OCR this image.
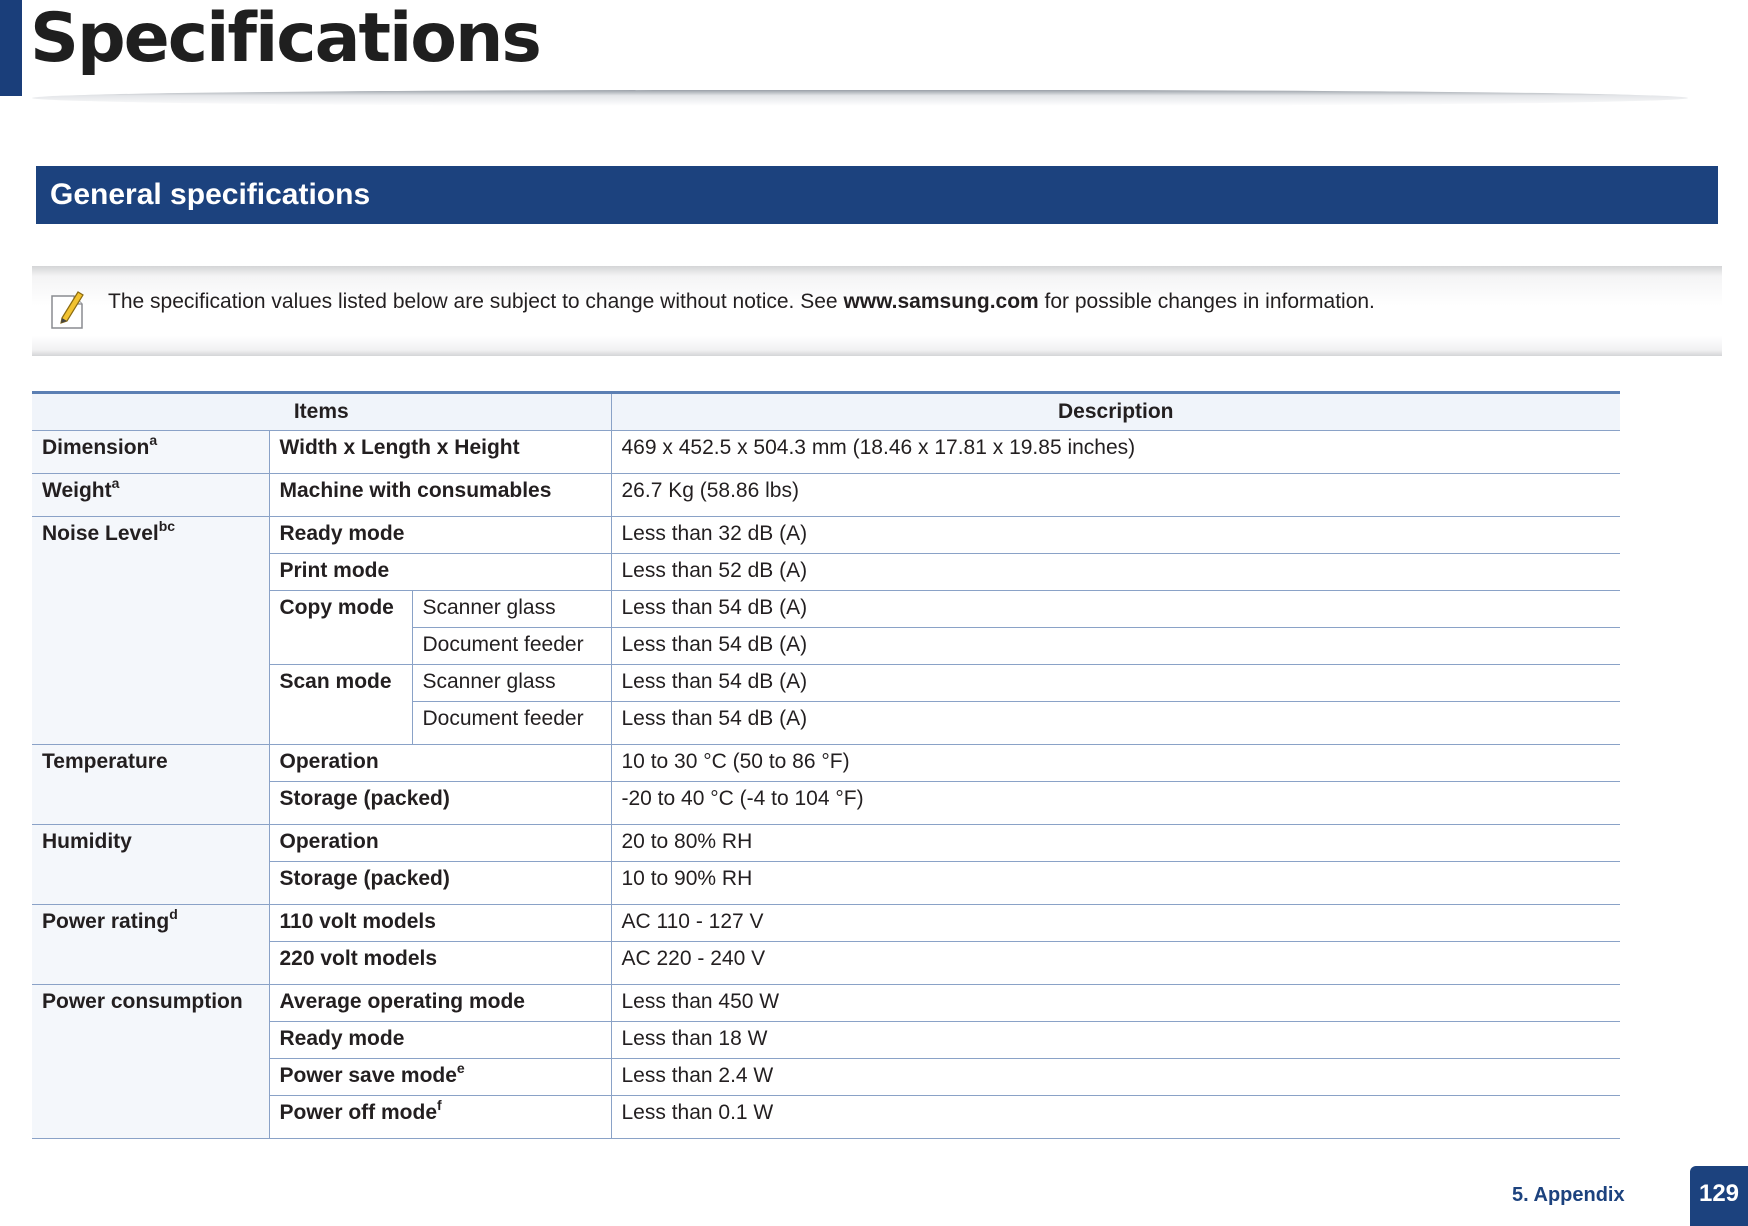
Specifications
General specifications
The specification values listed below are subject to change without notice. See www.samsung.com for possible changes in information.
Items			Description
Dimension$^a$	Width x Length x Height		469 x 452.5 x 504.3 mm (18.46 x 17.81 x 19.85 inches)
Weight$^a$	Machine with consumables		26.7 Kg (58.86 lbs)
Noise Level$^{bc}$	Ready mode		Less than 32 dB (A)
	Print mode		Less than 52 dB (A)
	Copy mode	Scanner glass	Less than 54 dB (A)
		Document feeder	Less than 54 dB (A)
	Scan mode	Scanner glass	Less than 54 dB (A)
		Document feeder	Less than 54 dB (A)
Temperature	Operation		10 to 30 °C (50 to 86 °F)
	Storage (packed)		-20 to 40 °C (-4 to 104 °F)
Humidity	Operation		20 to 80% RH
	Storage (packed)		10 to 90% RH
Power rating$^d$	110 volt models		AC 110 - 127 V
	220 volt models		AC 220 - 240 V
Power consumption	Average operating mode		Less than 450 W
	Ready mode		Less than 18 W
	Power save mode$^e$		Less than 2.4 W
	Power off mode$^f$		Less than 0.1 W
5. Appendix	129
